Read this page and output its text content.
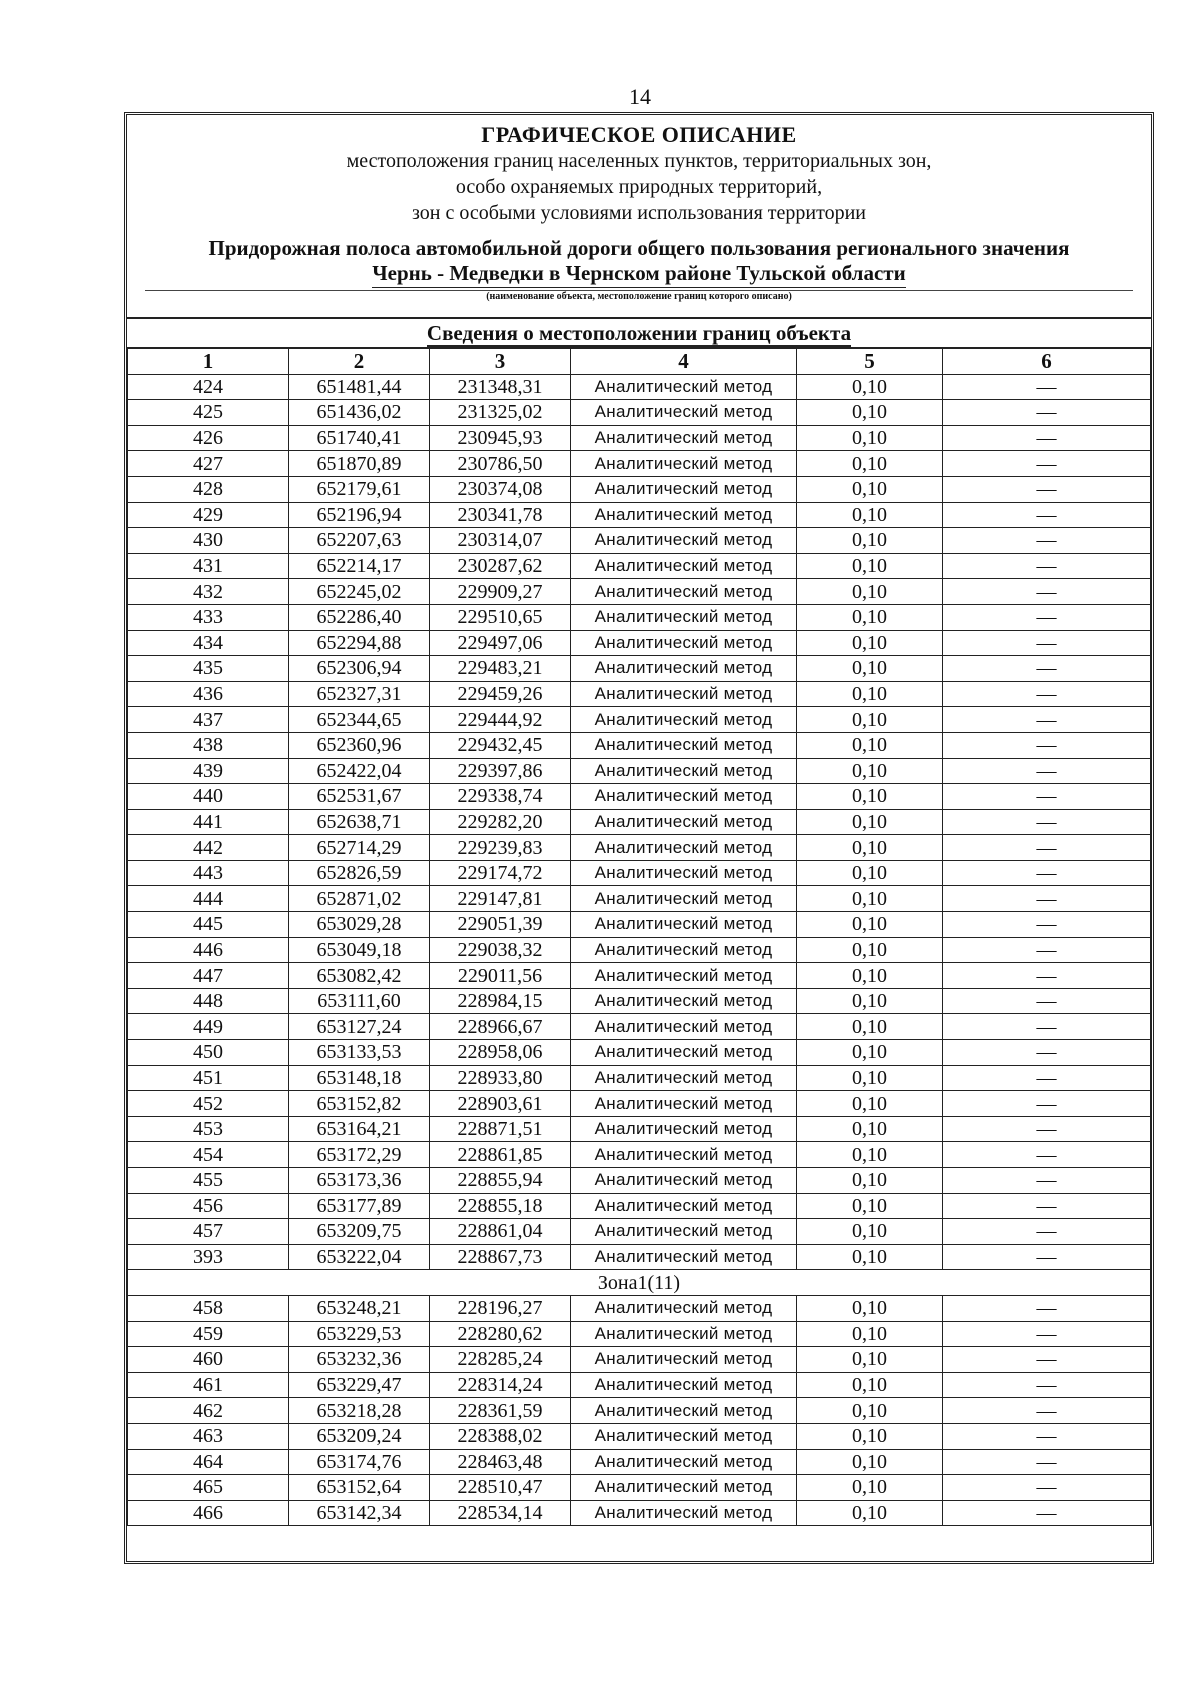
14
ГРАФИЧЕСКОЕ ОПИСАНИЕ
местоположения границ населенных пунктов, территориальных зон,
особо охраняемых природных территорий,
зон с особыми условиями использования территории
Придорожная полоса автомобильной дороги общего пользования регионального значения
Чернь - Медведки в Чернском районе Тульской области
(наименование объекта, местоположение границ которого описано)
Сведения о местоположении границ объекта
1	2	3	4	5	6
424	651481,44	231348,31	Аналитический метод	0,10	—
425	651436,02	231325,02	Аналитический метод	0,10	—
426	651740,41	230945,93	Аналитический метод	0,10	—
427	651870,89	230786,50	Аналитический метод	0,10	—
428	652179,61	230374,08	Аналитический метод	0,10	—
429	652196,94	230341,78	Аналитический метод	0,10	—
430	652207,63	230314,07	Аналитический метод	0,10	—
431	652214,17	230287,62	Аналитический метод	0,10	—
432	652245,02	229909,27	Аналитический метод	0,10	—
433	652286,40	229510,65	Аналитический метод	0,10	—
434	652294,88	229497,06	Аналитический метод	0,10	—
435	652306,94	229483,21	Аналитический метод	0,10	—
436	652327,31	229459,26	Аналитический метод	0,10	—
437	652344,65	229444,92	Аналитический метод	0,10	—
438	652360,96	229432,45	Аналитический метод	0,10	—
439	652422,04	229397,86	Аналитический метод	0,10	—
440	652531,67	229338,74	Аналитический метод	0,10	—
441	652638,71	229282,20	Аналитический метод	0,10	—
442	652714,29	229239,83	Аналитический метод	0,10	—
443	652826,59	229174,72	Аналитический метод	0,10	—
444	652871,02	229147,81	Аналитический метод	0,10	—
445	653029,28	229051,39	Аналитический метод	0,10	—
446	653049,18	229038,32	Аналитический метод	0,10	—
447	653082,42	229011,56	Аналитический метод	0,10	—
448	653111,60	228984,15	Аналитический метод	0,10	—
449	653127,24	228966,67	Аналитический метод	0,10	—
450	653133,53	228958,06	Аналитический метод	0,10	—
451	653148,18	228933,80	Аналитический метод	0,10	—
452	653152,82	228903,61	Аналитический метод	0,10	—
453	653164,21	228871,51	Аналитический метод	0,10	—
454	653172,29	228861,85	Аналитический метод	0,10	—
455	653173,36	228855,94	Аналитический метод	0,10	—
456	653177,89	228855,18	Аналитический метод	0,10	—
457	653209,75	228861,04	Аналитический метод	0,10	—
393	653222,04	228867,73	Аналитический метод	0,10	—
Зона1(11)					
458	653248,21	228196,27	Аналитический метод	0,10	—
459	653229,53	228280,62	Аналитический метод	0,10	—
460	653232,36	228285,24	Аналитический метод	0,10	—
461	653229,47	228314,24	Аналитический метод	0,10	—
462	653218,28	228361,59	Аналитический метод	0,10	—
463	653209,24	228388,02	Аналитический метод	0,10	—
464	653174,76	228463,48	Аналитический метод	0,10	—
465	653152,64	228510,47	Аналитический метод	0,10	—
466	653142,34	228534,14	Аналитический метод	0,10	—
